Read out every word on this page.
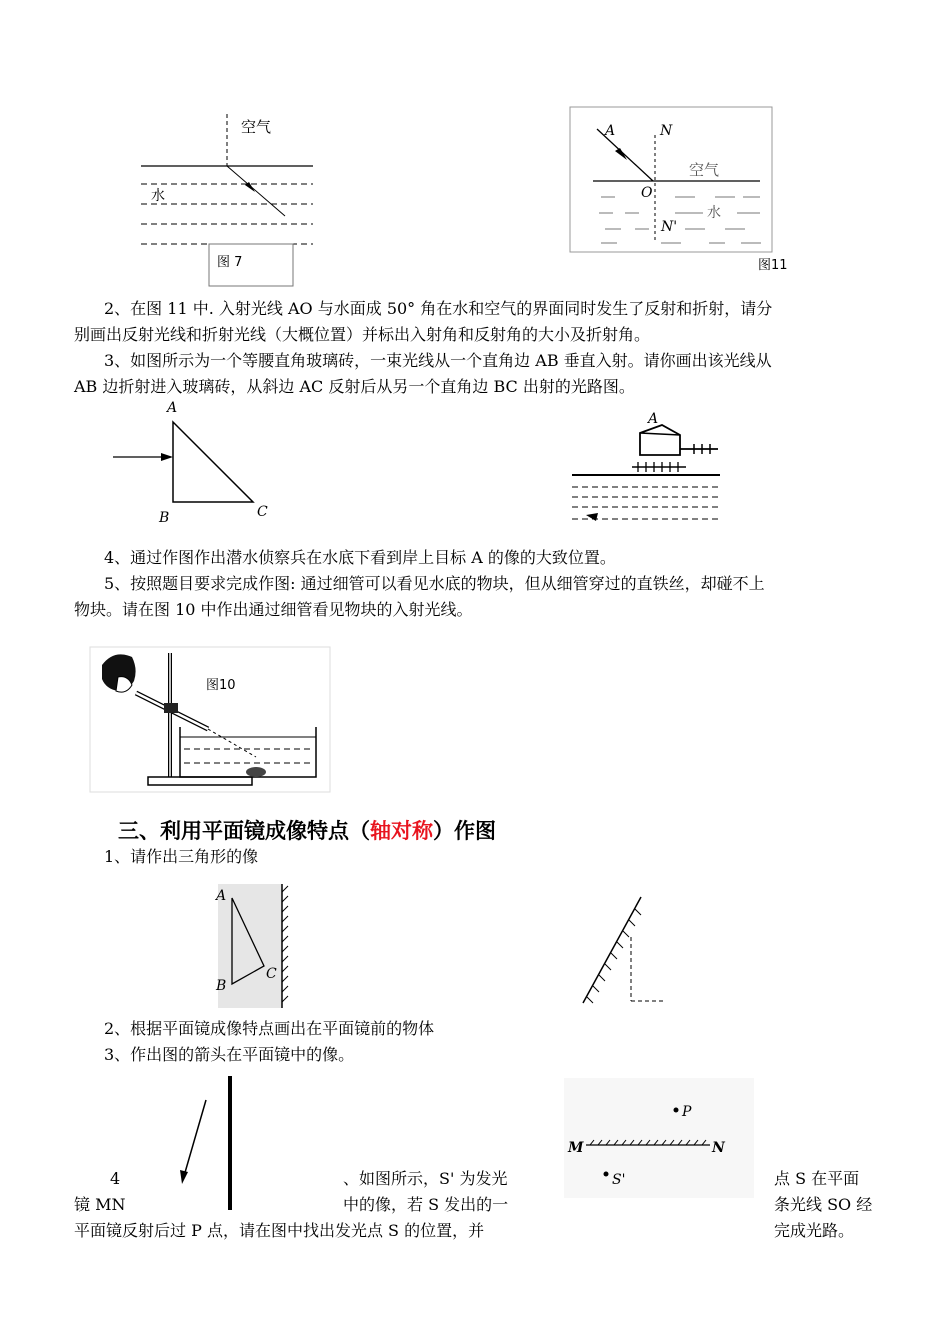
空气
水
图 7
A	N
空气
O
水
N'
图11
2、在图 11 中. 入射光线 AO 与水面成 50° 角在水和空气的界面同时发生了反射和折射，请分
别画出反射光线和折射光线（大概位置）并标出入射角和反射角的大小及折射角。
3、如图所示为一个等腰直角玻璃砖，一束光线从一个直角边 AB 垂直入射。请你画出该光线从
AB 边折射进入玻璃砖，从斜边 AC 反射后从另一个直角边 BC 出射的光路图。
A
B	C
A
4、通过作图作出潜水侦察兵在水底下看到岸上目标 A 的像的大致位置。
5、按照题目要求完成作图: 通过细管可以看见水底的物块，但从细管穿过的直铁丝，却碰不上
物块。请在图 10 中作出通过细管看见物块的入射光线。
图10
三、利用平面镜成像特点（轴对称）作图
1、请作出三角形的像
A
B
C
2、根据平面镜成像特点画出在平面镜前的物体
3、作出图的箭头在平面镜中的像。
P
M	N
S'
4	、如图所示，S' 为发光	点 S 在平面
镜 MN	中的像，若 S 发出的一	条光线 SO 经
平面镜反射后过 P 点，请在图中找出发光点 S 的位置，并	完成光路。
